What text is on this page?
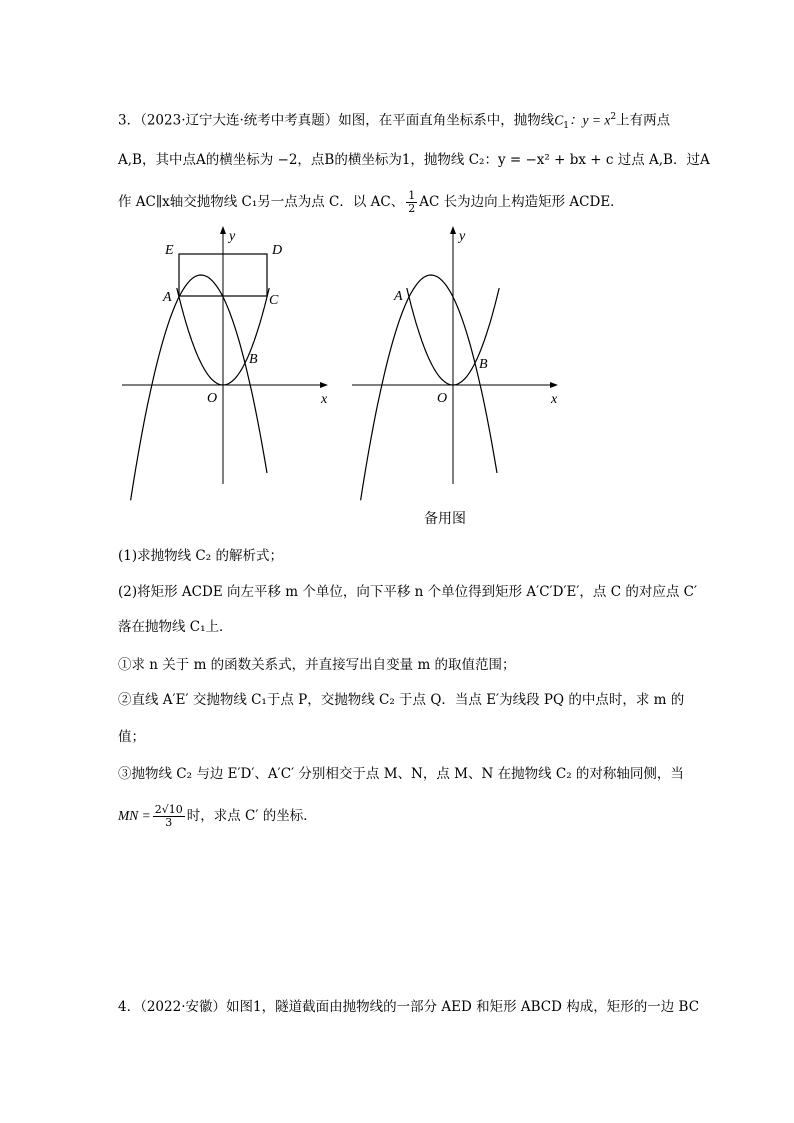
3．（2023·辽宁大连·统考中考真题）如图，在平面直角坐标系中，抛物线$C_1$：$y = x^2$上有两点
A,B，其中点A的横坐标为 −2，点B的横坐标为1，抛物线 C₂：y = −x² + bx + c 过点 A,B．过A
作 AC∥x轴交抛物线 C₁另一点为点 C．以 AC、 $\frac{1}{2}$ AC 长为边向上构造矩形 ACDE．
E	D
A	C
B
O	x
y
A
B
O	x
y
备用图
(1)求抛物线 C₂ 的解析式；
(2)将矩形 ACDE 向左平移 m 个单位，向下平移 n 个单位得到矩形 A′C′D′E′，点 C 的对应点 C′
落在抛物线 C₁上．
①求 n 关于 m 的函数关系式，并直接写出自变量 m 的取值范围；
②直线 A′E′ 交抛物线 C₁于点 P，交抛物线 C₂ 于点 Q．当点 E′为线段 PQ 的中点时，求 m 的
值；
③抛物线 C₂ 与边 E′D′、A′C′ 分别相交于点 M、N，点 M、N 在抛物线 C₂ 的对称轴同侧，当
MN = $\frac{2√10}{3}$ 时，求点 C′ 的坐标．
4．（2022·安徽）如图1，隧道截面由抛物线的一部分 AED 和矩形 ABCD 构成，矩形的一边 BC
